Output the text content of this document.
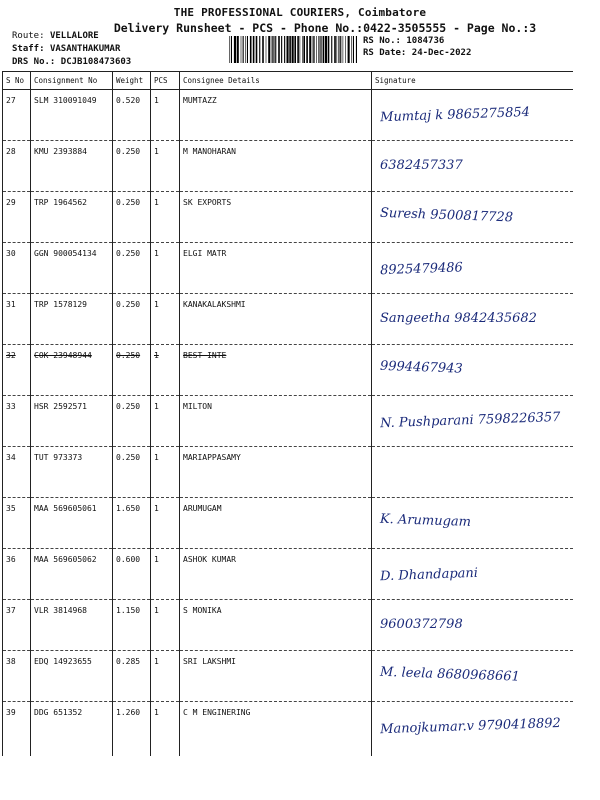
THE PROFESSIONAL COURIERS, Coimbatore
Delivery Runsheet - PCS - Phone No.:0422-3505555 - Page No.:3
Route: VELLALORE
Staff: VASANTHAKUMAR
DRS No.: DCJB108473603
RS No.: 1084736
RS Date: 24-Dec-2022
S No	Consignment No	Weight	PCS	Consignee Details	Signature
27	SLM 310091049	0.520	1	MUMTAZZ	Mumtaj k 9865275854

28	KMU 2393884	0.250	1	M MANOHARAN	6382457337

29	TRP 1964562	0.250	1	SK EXPORTS	Suresh 9500817728

30	GGN 900054134	0.250	1	ELGI MATR	8925479486

31	TRP 1578129	0.250	1	KANAKALAKSHMI	Sangeetha 9842435682

32	COK 23948944	0.250	1	BEST INTE	9994467943

33	HSR 2592571	0.250	1	MILTON	N. Pushparani 7598226357

34	TUT 973373	0.250	1	MARIAPPASAMY	
35	MAA 569605061	1.650	1	ARUMUGAM	K. Arumugam

36	MAA 569605062	0.600	1	ASHOK KUMAR	D. Dhandapani

37	VLR 3814968	1.150	1	S MONIKA	9600372798

38	EDQ 14923655	0.285	1	SRI LAKSHMI	M. leela 8680968661

39	DDG 651352	1.260	1	C M ENGINERING	Manojkumar.v 9790418892
